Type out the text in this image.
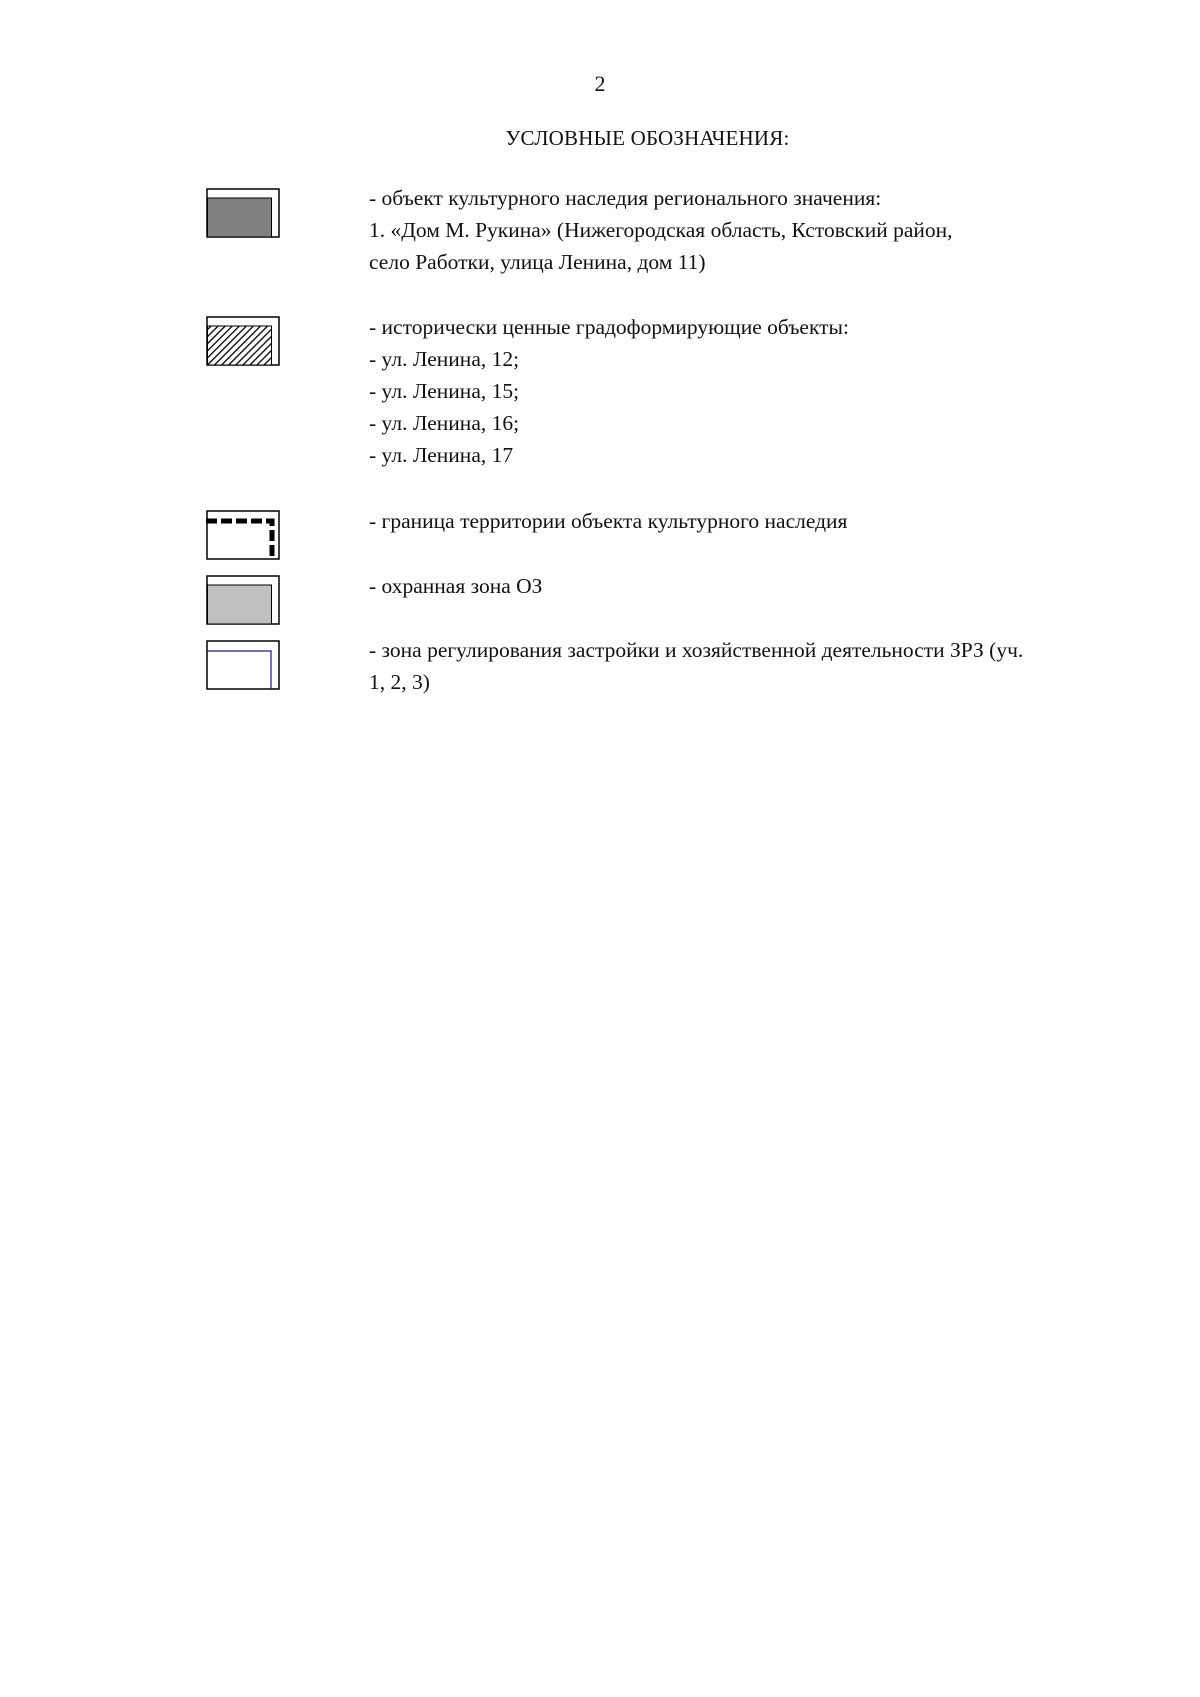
2
УСЛОВНЫЕ ОБОЗНАЧЕНИЯ:
- объект культурного наследия регионального значения:
1. «Дом М. Рукина» (Нижегородская область, Кстовский район,
село Работки, улица Ленина, дом 11)
- исторически ценные градоформирующие объекты:
- ул. Ленина, 12;
- ул. Ленина, 15;
- ул. Ленина, 16;
- ул. Ленина, 17
- граница территории объекта культурного наследия
- охранная зона ОЗ
- зона регулирования застройки и хозяйственной деятельности ЗРЗ (уч.
1, 2, 3)
